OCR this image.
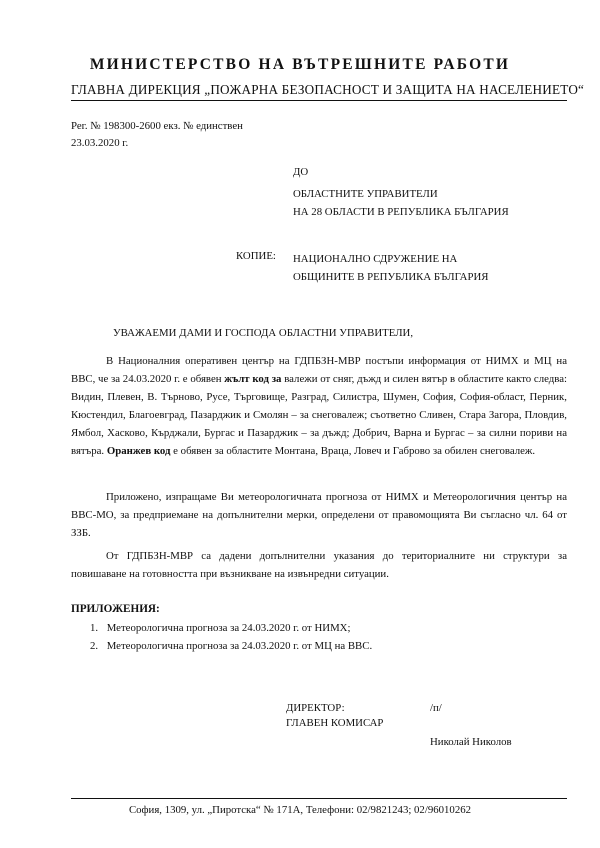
МИНИСТЕРСТВО НА ВЪТРЕШНИТЕ РАБОТИ
ГЛАВНА ДИРЕКЦИЯ „ПОЖАРНА БЕЗОПАСНОСТ И ЗАЩИТА НА НАСЕЛЕНИЕТО“
Рег. № 198300-2600 екз. № единствен
23.03.2020 г.
ДО
ОБЛАСТНИТЕ УПРАВИТЕЛИ
НА 28 ОБЛАСТИ В РЕПУБЛИКА БЪЛГАРИЯ
КОПИЕ: НАЦИОНАЛНО СДРУЖЕНИЕ НА
ОБЩИНИТЕ В РЕПУБЛИКА БЪЛГАРИЯ
УВАЖАЕМИ ДАМИ И ГОСПОДА ОБЛАСТНИ УПРАВИТЕЛИ,
В Националния оперативен център на ГДПБЗН-МВР постъпи информация от НИМХ и МЦ на ВВС, че за 24.03.2020 г. е обявен жълт код за валежи от сняг, дъжд и силен вятър в областите както следва: Видин, Плевен, В. Търново, Русе, Търговище, Разград, Силистра, Шумен, София, София-област, Перник, Кюстендил, Благоевград, Пазарджик и Смолян – за снеговалеж; съответно Сливен, Стара Загора, Пловдив, Ямбол, Хасково, Кърджали, Бургас и Пазарджик – за дъжд; Добрич, Варна и Бургас – за силни пориви на вятъра. Оранжев код е обявен за областите Монтана, Враца, Ловеч и Габрово за обилен снеговалеж.
Приложено, изпращаме Ви метеорологичната прогноза от НИМХ и Метеорологичния център на ВВС-МО, за предприемане на допълнителни мерки, определени от правомощията Ви съгласно чл. 64 от ЗЗБ.
От ГДПБЗН-МВР са дадени допълнителни указания до териториалните ни структури за повишаване на готовността при възникване на извънредни ситуации.
ПРИЛОЖЕНИЯ:
1. Метеорологична прогноза за 24.03.2020 г. от НИМХ;
2. Метеорологична прогноза за 24.03.2020 г. от МЦ на ВВС.
ДИРЕКТОР:	/п/
ГЛАВЕН КОМИСАР
Николай Николов
София, 1309, ул. „Пиротска“ № 171А, Телефони: 02/9821243; 02/96010262
